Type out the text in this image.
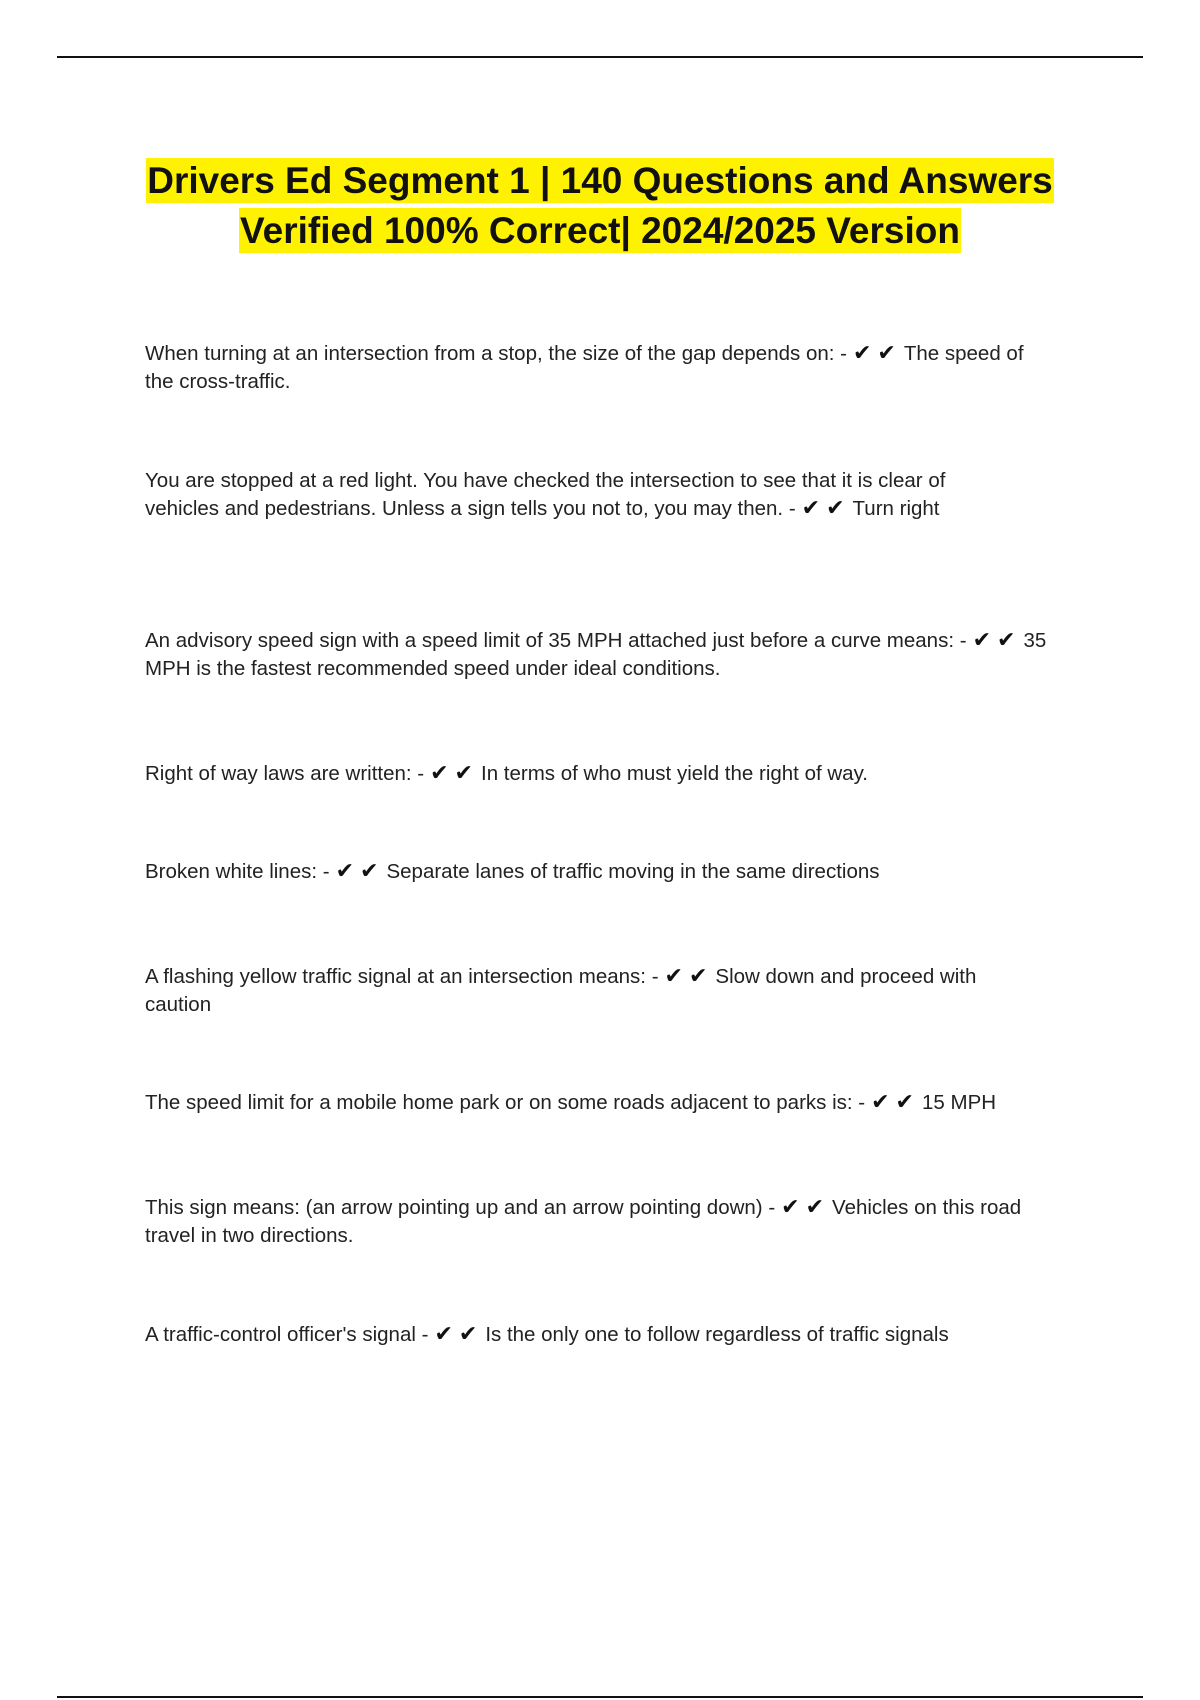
Drivers Ed Segment 1 | 140 Questions and Answers
Verified 100% Correct| 2024/2025 Version

When turning at an intersection from a stop, the size of the gap depends on: - ✔✔The speed of the cross-traffic.

You are stopped at a red light. You have checked the intersection to see that it is clear of vehicles and pedestrians. Unless a sign tells you not to, you may then. - ✔✔Turn right

An advisory speed sign with a speed limit of 35 MPH attached just before a curve means: - ✔✔35 MPH is the fastest recommended speed under ideal conditions.

Right of way laws are written: - ✔✔In terms of who must yield the right of way.

Broken white lines: - ✔✔Separate lanes of traffic moving in the same directions

A flashing yellow traffic signal at an intersection means: - ✔✔Slow down and proceed with caution

The speed limit for a mobile home park or on some roads adjacent to parks is: - ✔✔15 MPH

This sign means: (an arrow pointing up and an arrow pointing down) - ✔✔Vehicles on this road travel in two directions.

A traffic-control officer's signal - ✔✔Is the only one to follow regardless of traffic signals
